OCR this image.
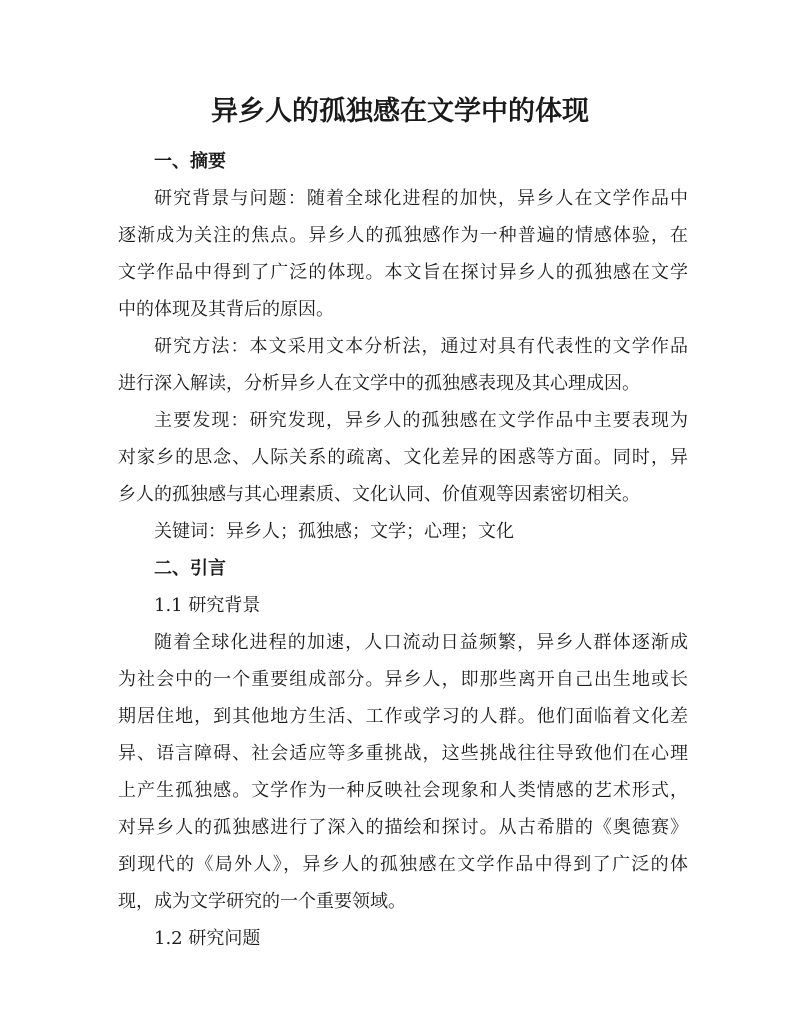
异乡人的孤独感在文学中的体现
一、摘要
研究背景与问题：随着全球化进程的加快，异乡人在文学作品中
逐渐成为关注的焦点。异乡人的孤独感作为一种普遍的情感体验，在
文学作品中得到了广泛的体现。本文旨在探讨异乡人的孤独感在文学
中的体现及其背后的原因。
研究方法：本文采用文本分析法，通过对具有代表性的文学作品
进行深入解读，分析异乡人在文学中的孤独感表现及其心理成因。
主要发现：研究发现，异乡人的孤独感在文学作品中主要表现为
对家乡的思念、人际关系的疏离、文化差异的困惑等方面。同时，异
乡人的孤独感与其心理素质、文化认同、价值观等因素密切相关。
关键词：异乡人；孤独感；文学；心理；文化
二、引言
1.1 研究背景
随着全球化进程的加速，人口流动日益频繁，异乡人群体逐渐成
为社会中的一个重要组成部分。异乡人，即那些离开自己出生地或长
期居住地，到其他地方生活、工作或学习的人群。他们面临着文化差
异、语言障碍、社会适应等多重挑战，这些挑战往往导致他们在心理
上产生孤独感。文学作为一种反映社会现象和人类情感的艺术形式，
对异乡人的孤独感进行了深入的描绘和探讨。从古希腊的《奥德赛》
到现代的《局外人》，异乡人的孤独感在文学作品中得到了广泛的体
现，成为文学研究的一个重要领域。
1.2 研究问题
